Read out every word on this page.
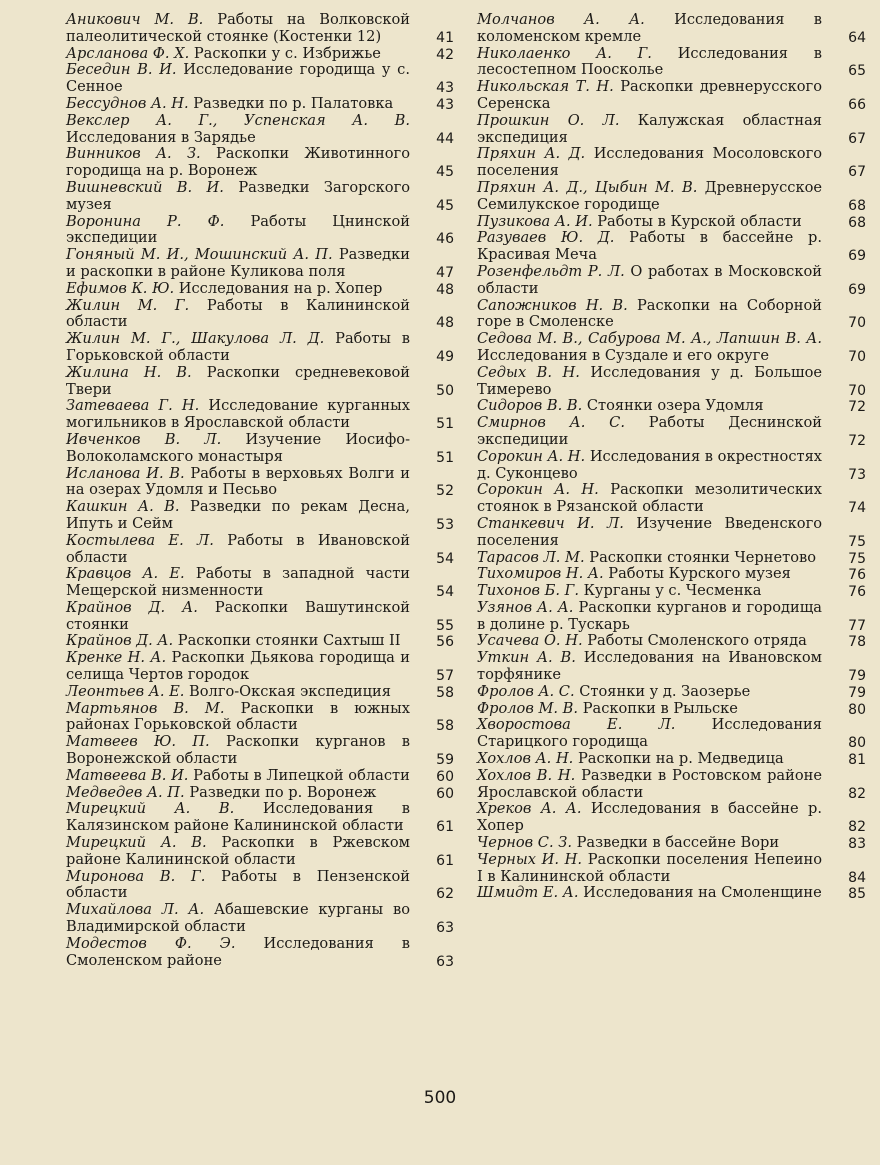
Аникович М. В. Работы на Волковской палеолитической стоянке (Костенки 12)	41
Арсланова Ф. Х. Раскопки у с. Избрижье	42
Беседин В. И. Исследование городища у с. Сенное	43
Бессуднов А. Н. Разведки по р. Палатовка	43
Векслер А. Г., Успенская А. В. Исследования в Зарядье	44
Винников А. З. Раскопки Животинного городища на р. Воронеж	45
Вишневский В. И. Разведки Загорского музея	45
Воронина Р. Ф. Работы Цнинской экспедиции	46
Гоняный М. И., Мошинский А. П. Разведки и раскопки в районе Куликова поля	47
Ефимов К. Ю. Исследования на р. Хопер	48
Жилин М. Г. Работы в Калининской области	48
Жилин М. Г., Шакулова Л. Д. Работы в Горьковской области	49
Жилина Н. В. Раскопки средневековой Твери	50
Затеваева Г. Н. Исследование курганных могильников в Ярославской области	51
Ивченков В. Л. Изучение Иосифо-Волоколамского монастыря	51
Исланова И. В. Работы в верховьях Волги и на озерах Удомля и Песьво	52
Кашкин А. В. Разведки по рекам Десна, Ипуть и Сейм	53
Костылева Е. Л. Работы в Ивановской области	54
Кравцов А. Е. Работы в западной части Мещерской низменности	54
Крайнов Д. А. Раскопки Вашутинской стоянки	55
Крайнов Д. А. Раскопки стоянки Сахтыш II	56
Кренке Н. А. Раскопки Дьякова городища и селища Чертов городок	57
Леонтьев А. Е. Волго-Окская экспедиция	58
Мартьянов В. М. Раскопки в южных районах Горьковской области	58
Матвеев Ю. П. Раскопки курганов в Воронежской области	59
Матвеева В. И. Работы в Липецкой области	60
Медведев А. П. Разведки по р. Воронеж	60
Мирецкий А. В. Исследования в Калязинском районе Калининской области	61
Мирецкий А. В. Раскопки в Ржевском районе Калининской области	61
Миронова В. Г. Работы в Пензенской области	62
Михайлова Л. А. Абашевские курганы во Владимирской области	63
Модестов Ф. Э. Исследования в Смоленском районе	63
Молчанов А. А. Исследования в коломенском кремле	64
Николаенко А. Г. Исследования в лесостепном Поосколье	65
Никольская Т. Н. Раскопки древнерусского Серенска	66
Прошкин О. Л. Калужская областная экспедиция	67
Пряхин А. Д. Исследования Мосоловского поселения	67
Пряхин А. Д., Цыбин М. В. Древнерусское Семилукское городище	68
Пузикова А. И. Работы в Курской области	68
Разуваев Ю. Д. Работы в бассейне р. Красивая Меча	69
Розенфельдт Р. Л. О работах в Московской области	69
Сапожников Н. В. Раскопки на Соборной горе в Смоленске	70
Седова М. В., Сабурова М. А., Лапшин В. А. Исследования в Суздале и его округе	70
Седых В. Н. Исследования у д. Большое Тимерево	70
Сидоров В. В. Стоянки озера Удомля	72
Смирнов А. С. Работы Деснинской экспедиции	72
Сорокин А. Н. Исследования в окрестностях д. Суконцево	73
Сорокин А. Н. Раскопки мезолитических стоянок в Рязанской области	74
Станкевич И. Л. Изучение Введенского поселения	75
Тарасов Л. М. Раскопки стоянки Чернетово	75
Тихомиров Н. А. Работы Курского музея	76
Тихонов Б. Г. Курганы у с. Чесменка	76
Узянов А. А. Раскопки курганов и городища в долине р. Тускарь	77
Усачева О. Н. Работы Смоленского отряда	78
Уткин А. В. Исследования на Ивановском торфянике	79
Фролов А. С. Стоянки у д. Заозерье	79
Фролов М. В. Раскопки в Рыльске	80
Хворостова Е. Л. Исследования Старицкого городища	80
Хохлов А. Н. Раскопки на р. Медведица	81
Хохлов В. Н. Разведки в Ростовском районе Ярославской области	82
Хреков А. А. Исследования в бассейне р. Хопер	82
Чернов С. З. Разведки в бассейне Вори	83
Черных И. Н. Раскопки поселения Непеино I в Калининской области	84
Шмидт Е. А. Исследования на Смоленщине	85
500
